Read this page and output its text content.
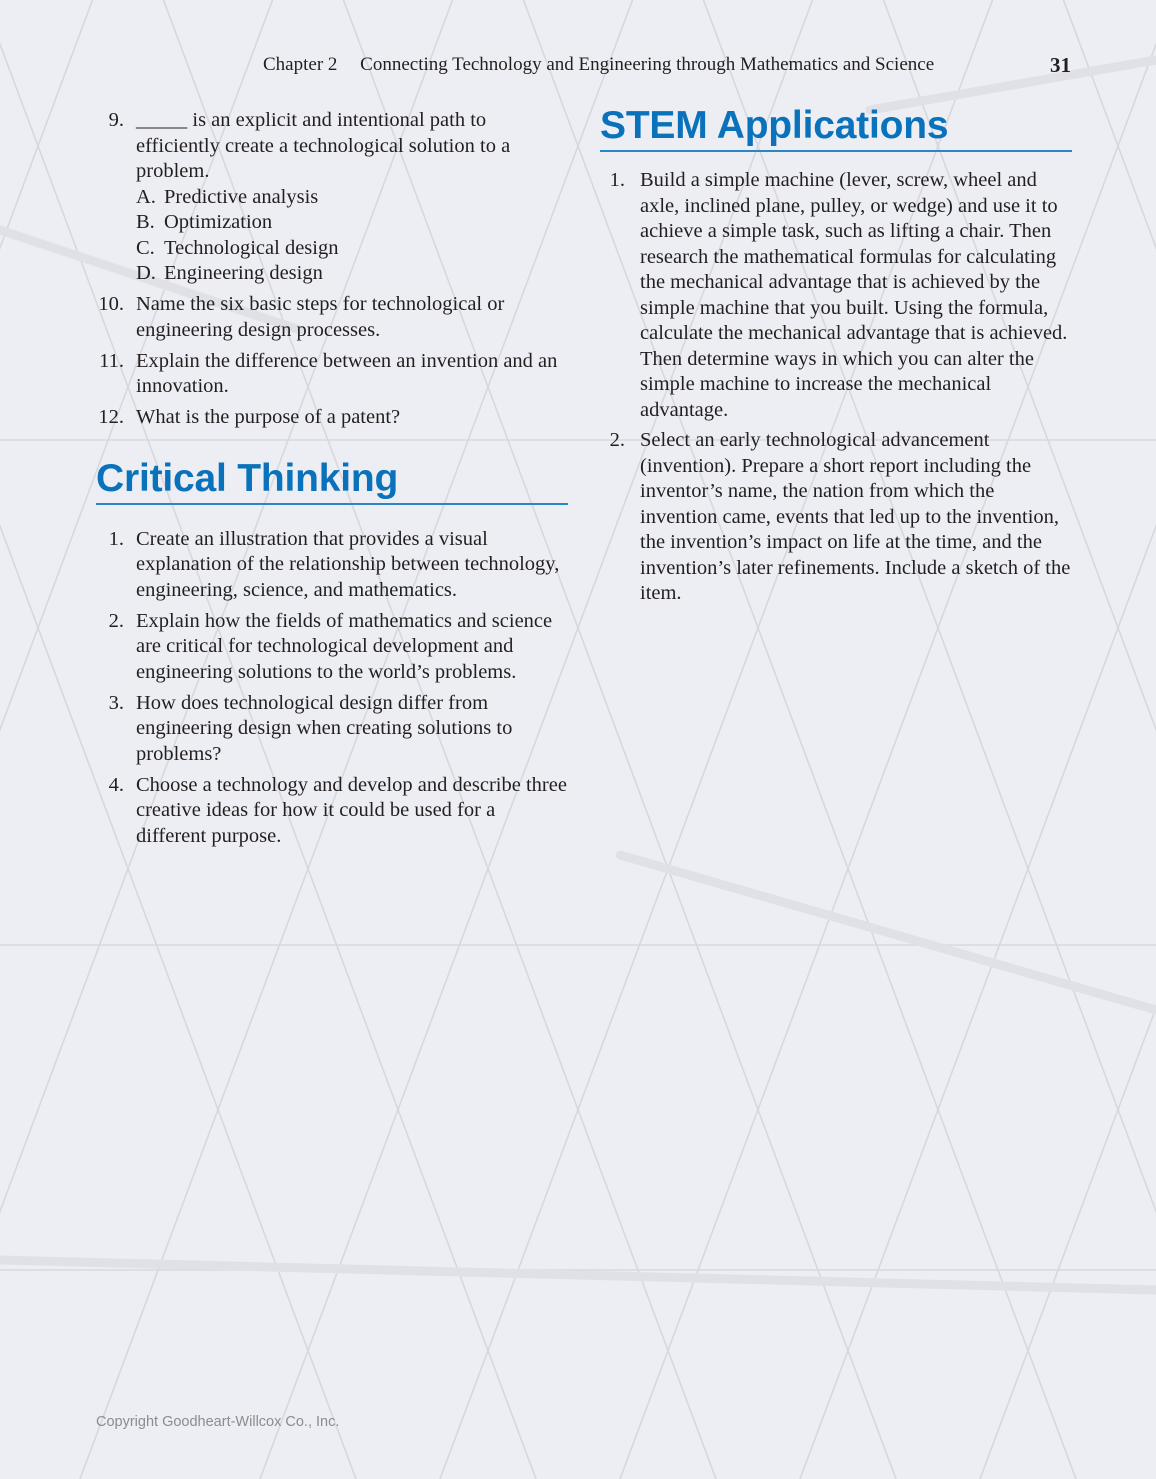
Chapter 2 Connecting Technology and Engineering through Mathematics and Science	31
9. _____ is an explicit and intentional path to efficiently create a technological solution to a problem.
A. Predictive analysis
B. Optimization
C. Technological design
D. Engineering design
10. Name the six basic steps for technological or engineering design processes.
11. Explain the difference between an invention and an innovation.
12. What is the purpose of a patent?
Critical Thinking
1. Create an illustration that provides a visual explanation of the relationship between technology, engineering, science, and mathematics.
2. Explain how the fields of mathematics and science are critical for technological development and engineering solutions to the world’s problems.
3. How does technological design differ from engineering design when creating solutions to problems?
4. Choose a technology and develop and describe three creative ideas for how it could be used for a different purpose.
STEM Applications
1. Build a simple machine (lever, screw, wheel and axle, inclined plane, pulley, or wedge) and use it to achieve a simple task, such as lifting a chair. Then research the mathematical formulas for calculating the mechanical advantage that is achieved by the simple machine that you built. Using the formula, calculate the mechanical advantage that is achieved. Then determine ways in which you can alter the simple machine to increase the mechanical advantage.
2. Select an early technological advancement (invention). Prepare a short report including the inventor’s name, the nation from which the invention came, events that led up to the invention, the invention’s impact on life at the time, and the invention’s later refinements. Include a sketch of the item.
Copyright Goodheart-Willcox Co., Inc.
